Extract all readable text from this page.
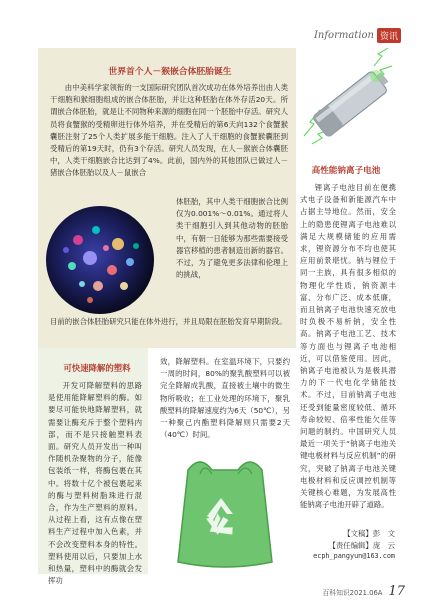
Information 资讯
世界首个人－猴嵌合体胚胎诞生

由中美科学家领衔的一支国际研究团队首次成功在体外培养出由人类干细胞和猴细胞组成的嵌合体胚胎，并让这种胚胎在体外存活20天。所谓嵌合体胚胎，就是让不同物种来源的细胞在同一个胚胎中存活。研究人员将食蟹猴的受精卵进行体外培养，并在受精后的第6天向132个食蟹猴囊胚注射了25个人类扩展多能干细胞。注入了人干细胞的食蟹猴囊胚到受精后的第19天时，仍有3个存活。研究人员发现，在人－猴嵌合体囊胚中，人类干细胞嵌合比达到了4%。此前，国内外的其他团队已做过人－猪嵌合体胚胎以及人－鼠嵌合

体胚胎，其中人类干细胞嵌合比例仅为0.001%～0.01%。通过将人类干细胞引入到其他动物的胚胎中，有朝一日能够为那些需要接受器官移植的患者制造出新的器官。不过，为了避免更多法律和伦理上的挑战，

目前的嵌合体胚胎研究只能在体外进行，并且局限在胚胎发育早期阶段。

可快速降解的塑料

开发可降解塑料的思路是使用能降解塑料的酶。如要尽可能快地降解塑料，就需要让酶充斥于整个塑料内部，而不是只接触塑料表面。研究人员开发出一种叫作随机杂聚物的分子，能像包装纸一样，将酶包裹在其中。将数十亿个被包裹起来的酶与塑料树脂珠进行混合，作为生产塑料的原料。从过程上看，这有点像在塑料生产过程中加入色素，并不会改变塑料本身的特性。塑料使用以后，只要加上水和热量，塑料中的酶就会发挥功

效，降解塑料。在室温环境下，只要约一周的时间，80%的聚乳酸塑料可以被完全降解成乳酸，直接被土壤中的微生物所吸收；在工业处理的环境下，聚乳酸塑料的降解速度约为6天（50℃），另一种聚己内酯塑料降解则只需要2天（40℃）时间。

高性能钠离子电池

锂离子电池目前在便携式电子设备和新能源汽车中占据主导地位。然而，安全上的隐患使锂离子电池难以满足大规模储能的应用需求，锂资源分布不均也使其应用前景堪忧。钠与锂位于同一主族，具有很多相似的物理化学性质，钠资源丰富、分布广泛、成本低廉，而且钠离子电池快速充放电时负极不易析钠，安全性高。钠离子电池工艺、技术等方面也与锂离子电池相近，可以借鉴使用。因此，钠离子电池被认为是极具潜力的下一代电化学储能技术。不过，目前钠离子电池还受到能量密度较低、循环寿命较短、倍率性能欠佳等问题的制约。中国研究人员最近一项关于“钠离子电池关键电极材料与反应机制”的研究，突破了钠离子电池关键电极材料和反应调控机制等关键核心难题，为发展高性能钠离子电池开辟了道路。

【文稿】彭　文
【责任编辑】庞　云
ecph_pangyun@163.com
百科知识2021.06A 17
